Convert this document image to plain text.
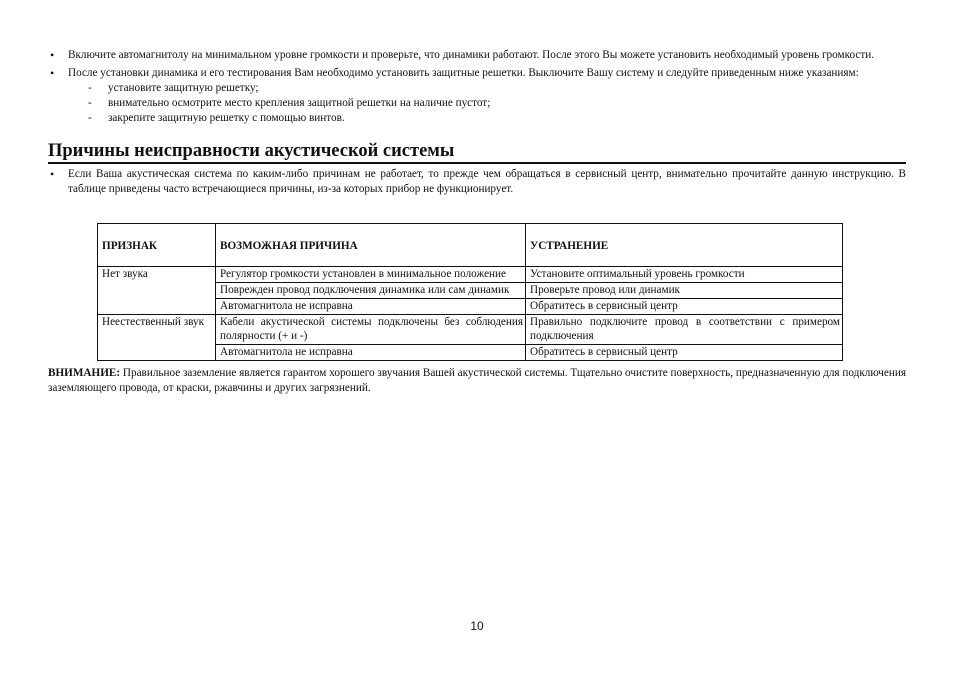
• Включите автомагнитолу на минимальном уровне громкости и проверьте, что динамики работают. После этого Вы можете установить необходимый уровень громкости.
• После установки динамика и его тестирования Вам необходимо установить защитные решетки. Выключите Вашу систему и следуйте приведенным ниже указаниям:
- установите защитную решетку;
- внимательно осмотрите место крепления защитной решетки на наличие пустот;
- закрепите защитную решетку с помощью винтов.
Причины неисправности акустической системы
• Если Ваша акустическая система по каким-либо причинам не работает, то прежде чем обращаться в сервисный центр, внимательно прочитайте данную инструкцию. В таблице приведены часто встречающиеся причины, из-за которых прибор не функционирует.
ПРИЗНАК	ВОЗМОЖНАЯ ПРИЧИНА	УСТРАНЕНИЕ
Нет звука	Регулятор громкости установлен в минимальное положение	Установите оптимальный уровень громкости
	Поврежден провод подключения динамика или сам динамик	Проверьте провод или динамик
	Автомагнитола не исправна	Обратитесь в сервисный центр
Неестественный звук	Кабели акустической системы подключены без соблюдения полярности (+ и -)	Правильно подключите провод в соответствии с примером подключения
	Автомагнитола не исправна	Обратитесь в сервисный центр

ВНИМАНИЕ: Правильное заземление является гарантом хорошего звучания Вашей акустической системы. Тщательно очистите поверхность, предназначенную для подключения заземляющего провода, от краски, ржавчины и других загрязнений.

10
